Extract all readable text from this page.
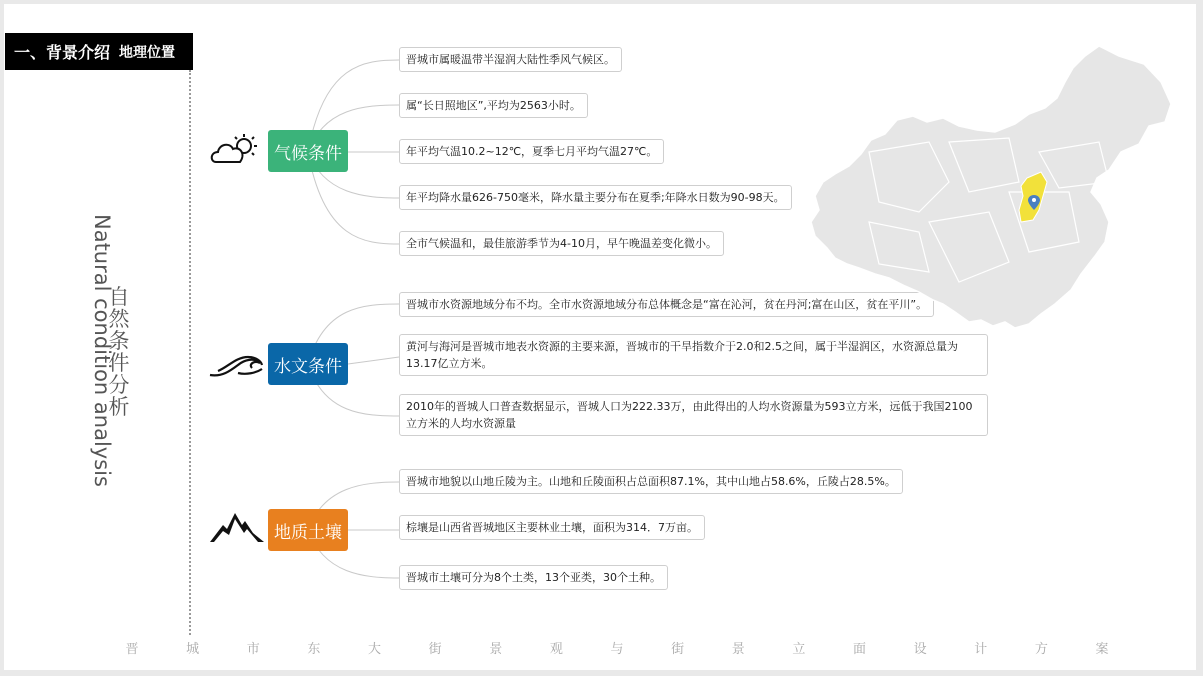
一、背景介绍 地理位置
自然条件分析
Natural condition analysis
气候条件
水文条件
地质土壤
晋城市属暖温带半湿润大陆性季风气候区。
属“长日照地区”,平均为2563小时。
年平均气温10.2~12℃，夏季七月平均气温27℃。
年平均降水量626-750毫米，降水量主要分布在夏季;年降水日数为90-98天。
全市气候温和，最佳旅游季节为4-10月，早午晚温差变化微小。
晋城市水资源地域分布不均。全市水资源地域分布总体概念是“富在沁河，贫在丹河;富在山区，贫在平川”。
黄河与海河是晋城市地表水资源的主要来源，晋城市的干旱指数介于2.0和2.5之间，属于半湿润区，水资源总量为13.17亿立方米。
2010年的晋城人口普查数据显示，晋城人口为222.33万，由此得出的人均水资源量为593立方米，远低于我国2100立方米的人均水资源量
晋城市地貌以山地丘陵为主。山地和丘陵面积占总面积87.1%，其中山地占58.6%，丘陵占28.5%。
棕壤是山西省晋城地区主要林业土壤，面积为314．7万亩。
晋城市土壤可分为8个土类，13个亚类，30个土种。
晋	城	市	东	大	街	景	观	与	街	景	立	面	设	计	方	案
